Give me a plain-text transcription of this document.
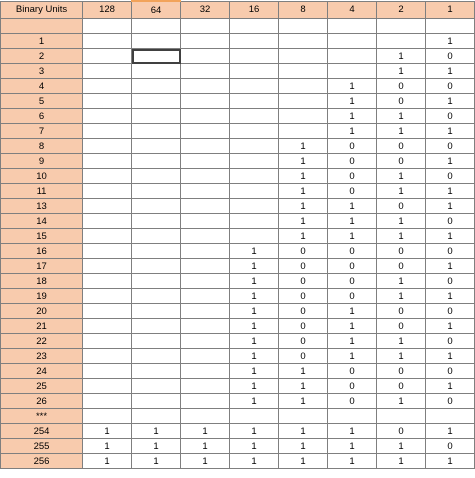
Binary Units	128	64	32	16	8	4	2	1

1								1
2							1	0
3							1	1
4						1	0	0
5						1	0	1
6						1	1	0
7						1	1	1
8					1	0	0	0
9					1	0	0	1
10					1	0	1	0
11					1	0	1	1
13					1	1	0	1
14					1	1	1	0
15					1	1	1	1
16				1	0	0	0	0
17				1	0	0	0	1
18				1	0	0	1	0
19				1	0	0	1	1
20				1	0	1	0	0
21				1	0	1	0	1
22				1	0	1	1	0
23				1	0	1	1	1
24				1	1	0	0	0
25				1	1	0	0	1
26				1	1	0	1	0
***								
254	1	1	1	1	1	1	0	1
255	1	1	1	1	1	1	1	0
256	1	1	1	1	1	1	1	1
